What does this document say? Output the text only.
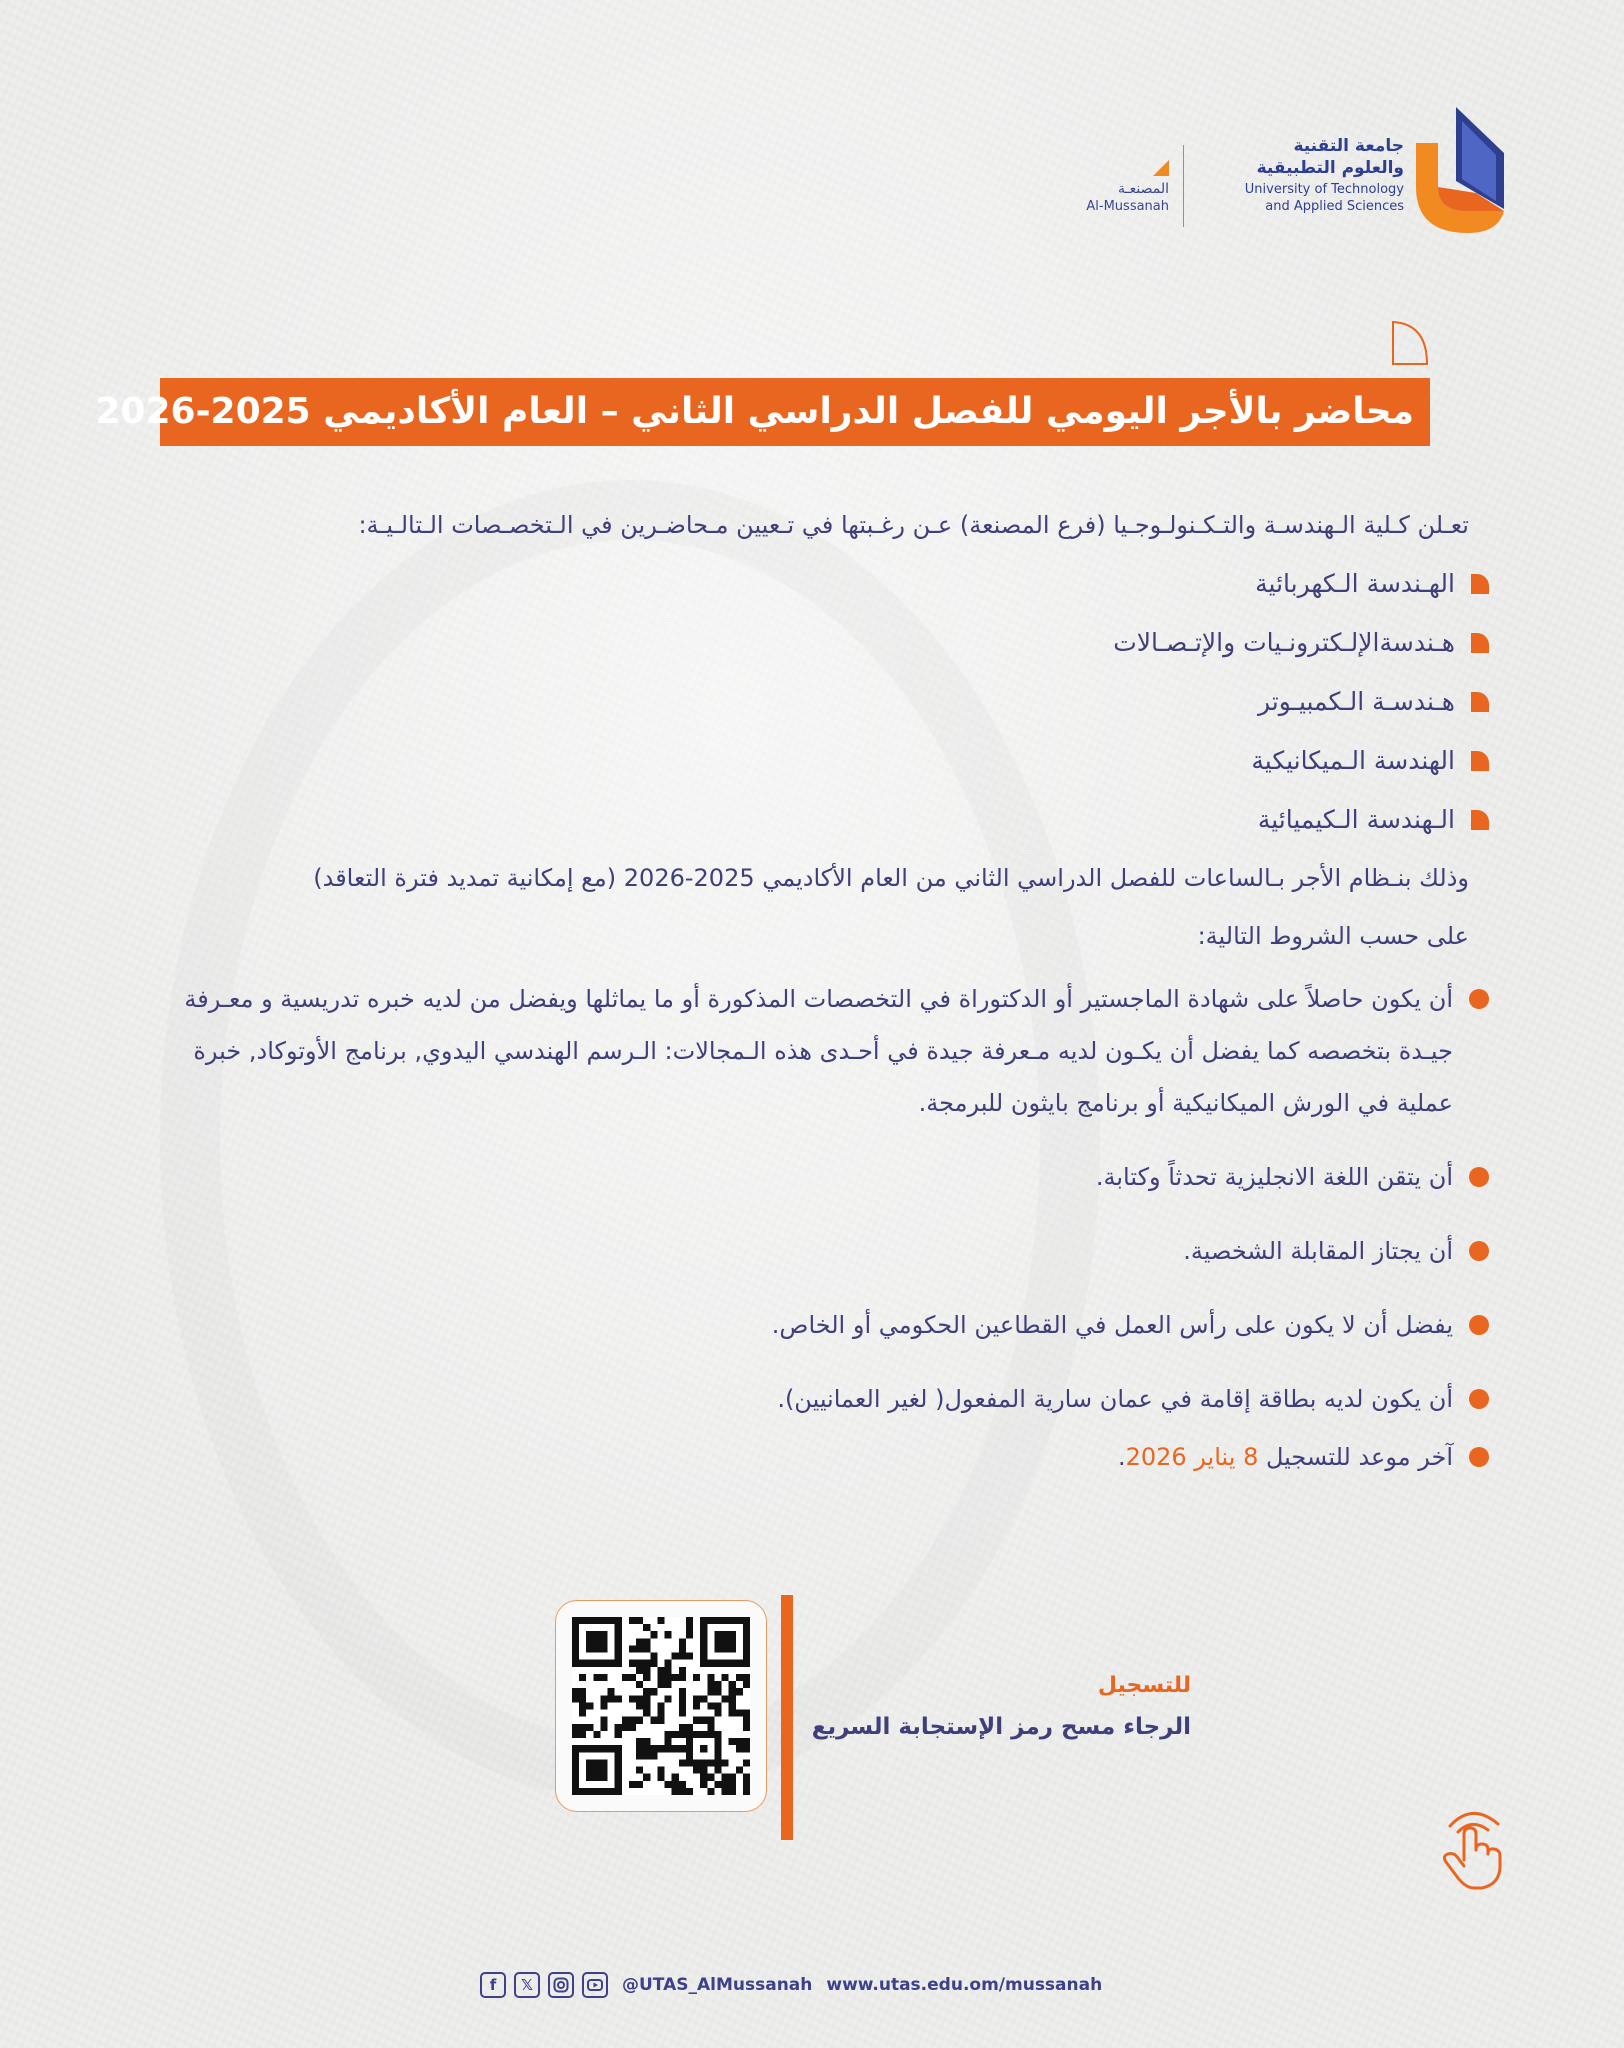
جامعة التقنية
والعلوم التطبيقية
University of Technology
and Applied Sciences
المصنعـة
Al-Mussanah
محاضر بالأجر اليومي للفصل الدراسي الثاني – العام الأكاديمي 2025-2026

تعـلن كـلية الـهندسـة والتـكـنولـوجـيا (فرع المصنعة) عـن رغـبتها في تـعيين مـحاضـرين في الـتخصـصات الـتالـيـة:

الهـندسة الـكهربائية
هـندسةالإلـكترونـيات والإتـصـالات
هـندسـة الـكمبيـوتر
الهندسة الـميكانيكية
الـهندسة الـكيميائية

وذلك بنـظام الأجر بـالساعات للفصل الدراسي الثاني من العام الأكاديمي 2025-2026 (مع إمكانية تمديد فترة التعاقد)

على حسب الشروط التالية:

أن يكون حاصلاً على شهادة الماجستير أو الدكتوراة في التخصصات المذكورة أو ما يماثلها ويفضل من لديه خبره تدريسية و معـرفة جيـدة بتخصصه كما يفضل أن يكـون لديه مـعرفة جيدة في أحـدى هذه الـمجالات: الـرسم الهندسي اليدوي, برنامج الأوتوكاد, خبرة عملية في الورش الميكانيكية أو برنامج بايثون للبرمجة.
أن يتقن اللغة الانجليزية تحدثاً وكتابة.
أن يجتاز المقابلة الشخصية.
يفضل أن لا يكون على رأس العمل في القطاعين الحكومي أو الخاص.
أن يكون لديه بطاقة إقامة في عمان سارية المفعول( لغير العمانيين).
آخر موعد للتسجيل 8 يناير 2026.
للتسجيل
الرجاء مسح رمز الإستجابة السريع
f	𝕏	@UTAS_AlMussanah www.utas.edu.om/mussanah
